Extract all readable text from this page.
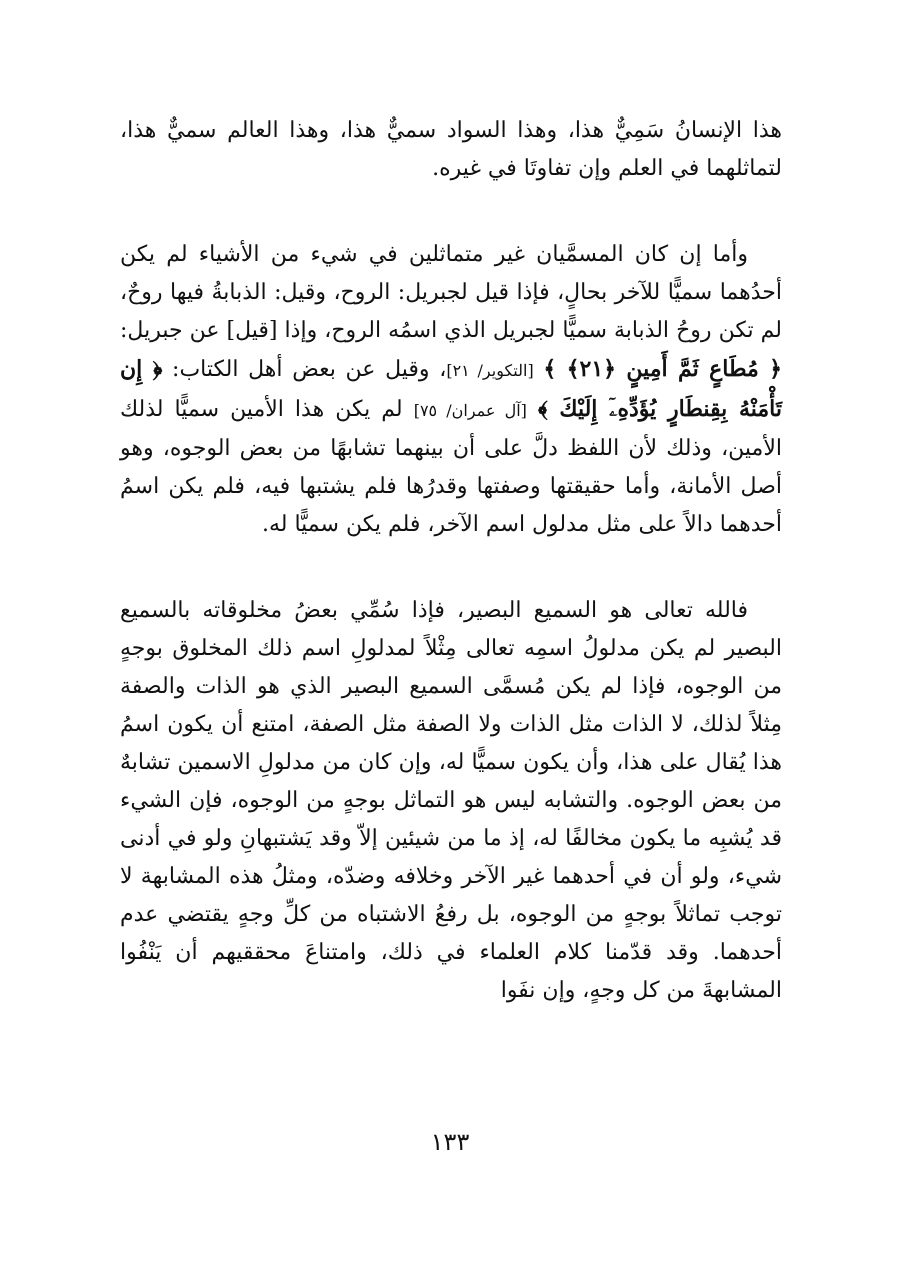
هذا الإنسانُ سَمِيٌّ هذا، وهذا السواد سميٌّ هذا، وهذا العالم سميٌّ هذا، لتماثلهما في العلم وإن تفاوتَا في غيره.

وأما إن كان المسمَّيان غير متماثلين في شيء من الأشياء لم يكن أحدُهما سميًّا للآخر بحالٍ، فإذا قيل لجبريل: الروح، وقيل: الذبابةُ فيها روحٌ، لم تكن روحُ الذبابة سميًّا لجبريل الذي اسمُه الروح، وإذا [قيل] عن جبريل: ﴿ مُطَاعٍ ثَمَّ أَمِينٍ ﴿٢١﴾ ﴾ [التكوير/ ٢١]، وقيل عن بعض أهل الكتاب: ﴿ إِن تَأْمَنْهُ بِقِنطَارٍ يُؤَدِّهِۦٓ إِلَيْكَ ﴾ [آل عمران/ ٧٥] لم يكن هذا الأمين سميًّا لذلك الأمين، وذلك لأن اللفظ دلَّ على أن بينهما تشابهًا من بعض الوجوه، وهو أصل الأمانة، وأما حقيقتها وصفتها وقدرُها فلم يشتبها فيه، فلم يكن اسمُ أحدهما دالاً على مثل مدلول اسم الآخر، فلم يكن سميًّا له.

فالله تعالى هو السميع البصير، فإذا سُمِّي بعضُ مخلوقاته بالسميع البصير لم يكن مدلولُ اسمِه تعالى مِثْلاً لمدلولِ اسم ذلك المخلوق بوجهٍ من الوجوه، فإذا لم يكن مُسمَّى السميع البصير الذي هو الذات والصفة مِثلاً لذلك، لا الذات مثل الذات ولا الصفة مثل الصفة، امتنع أن يكون اسمُ هذا يُقال على هذا، وأن يكون سميًّا له، وإن كان من مدلولِ الاسمين تشابهٌ من بعض الوجوه. والتشابه ليس هو التماثل بوجهٍ من الوجوه، فإن الشيء قد يُشبِه ما يكون مخالفًا له، إذ ما من شيئين إلاّ وقد يَشتبهانِ ولو في أدنى شيء، ولو أن في أحدهما غير الآخر وخلافه وضدّه، ومثلُ هذه المشابهة لا توجب تماثلاً بوجهٍ من الوجوه، بل رفعُ الاشتباه من كلِّ وجهٍ يقتضي عدم أحدهما. وقد قدّمنا كلام العلماء في ذلك، وامتناعَ محققيهم أن يَنْفُوا المشابهةَ من كل وجهٍ، وإن نفَوا

١٣٣
